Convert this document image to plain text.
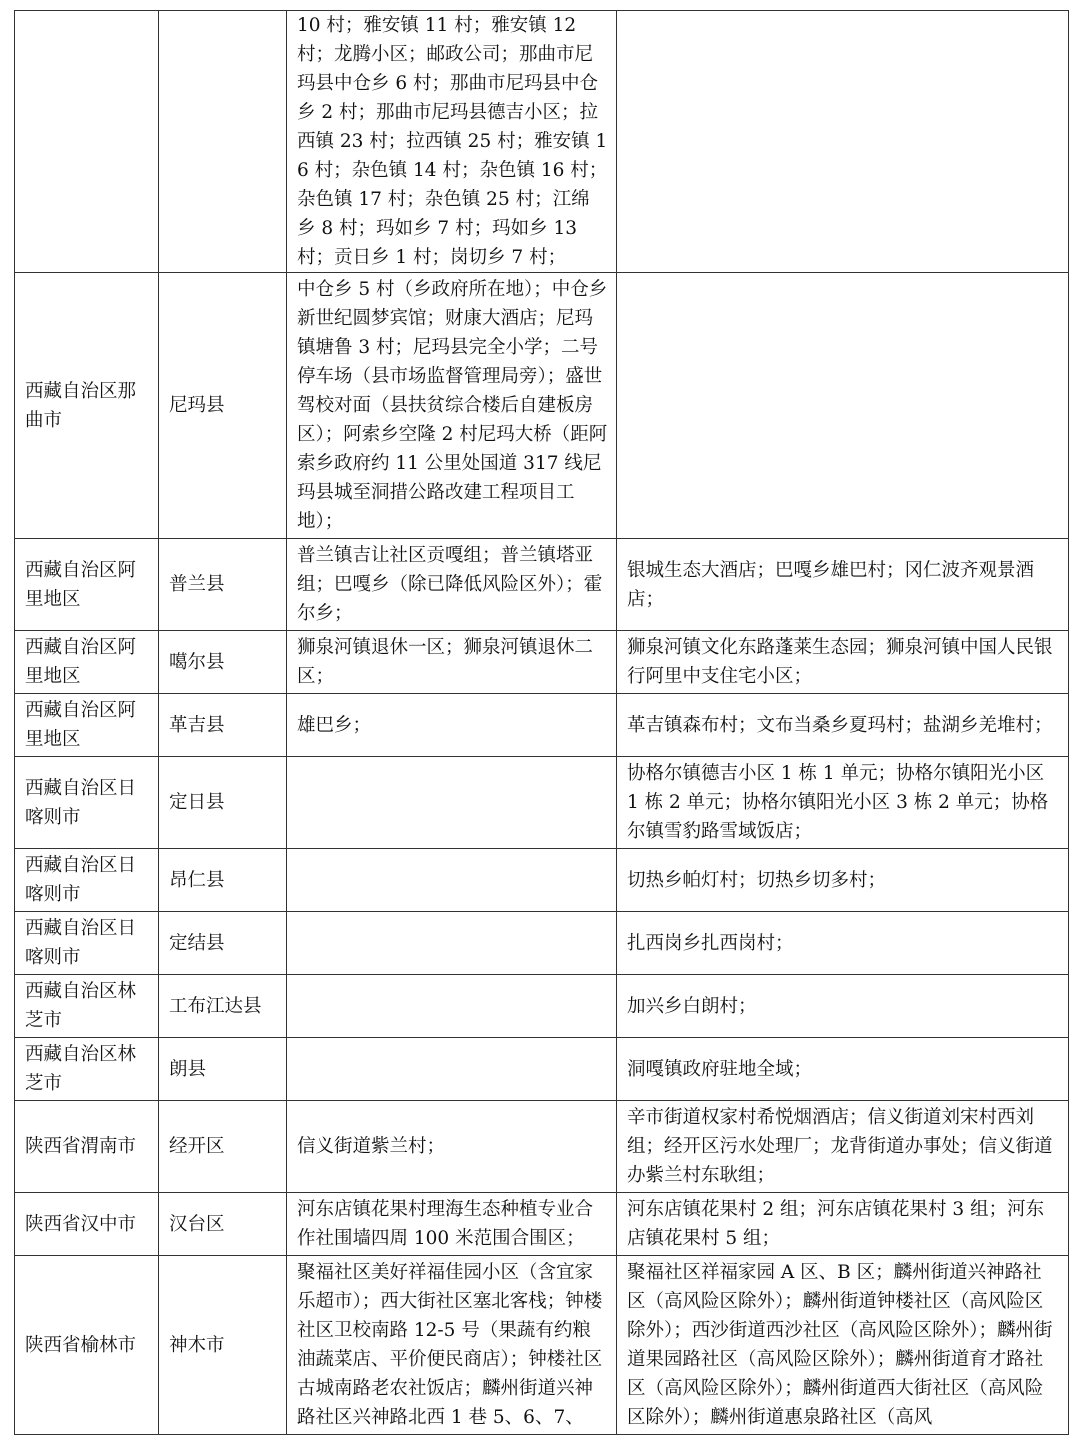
		10 村；雅安镇 11 村；雅安镇 12 村；龙腾小区；邮政公司；那曲市尼玛县中仓乡 6 村；那曲市尼玛县中仓乡 2 村；那曲市尼玛县德吉小区；拉西镇 23 村；拉西镇 25 村；雅安镇 16 村；杂色镇 14 村；杂色镇 16 村；杂色镇 17 村；杂色镇 25 村；江绵乡 8 村；玛如乡 7 村；玛如乡 13 村；贡日乡 1 村；岗切乡 7 村；	
西藏自治区那曲市	尼玛县	中仓乡 5 村（乡政府所在地）；中仓乡新世纪圆梦宾馆；财康大酒店；尼玛镇塘鲁 3 村；尼玛县完全小学；二号停车场（县市场监督管理局旁）；盛世驾校对面（县扶贫综合楼后自建板房区）；阿索乡空隆 2 村尼玛大桥（距阿索乡政府约 11 公里处国道 317 线尼玛县城至洞措公路改建工程项目工地）；	
西藏自治区阿里地区	普兰县	普兰镇吉让社区贡嘎组；普兰镇塔亚组；巴嘎乡（除已降低风险区外）；霍尔乡；	银城生态大酒店；巴嘎乡雄巴村；冈仁波齐观景酒店；
西藏自治区阿里地区	噶尔县	狮泉河镇退休一区；狮泉河镇退休二区；	狮泉河镇文化东路蓬莱生态园；狮泉河镇中国人民银行阿里中支住宅小区；
西藏自治区阿里地区	革吉县	雄巴乡；	革吉镇森布村；文布当桑乡夏玛村；盐湖乡羌堆村；
西藏自治区日喀则市	定日县		协格尔镇德吉小区 1 栋 1 单元；协格尔镇阳光小区 1 栋 2 单元；协格尔镇阳光小区 3 栋 2 单元；协格尔镇雪豹路雪域饭店；
西藏自治区日喀则市	昂仁县		切热乡帕灯村；切热乡切多村；
西藏自治区日喀则市	定结县		扎西岗乡扎西岗村；
西藏自治区林芝市	工布江达县		加兴乡白朗村；
西藏自治区林芝市	朗县		洞嘎镇政府驻地全域；
陕西省渭南市	经开区	信义街道紫兰村；	辛市街道权家村希悦烟酒店；信义街道刘宋村西刘组；经开区污水处理厂；龙背街道办事处；信义街道办紫兰村东耿组；
陕西省汉中市	汉台区	河东店镇花果村理海生态种植专业合作社围墙四周 100 米范围合围区；	河东店镇花果村 2 组；河东店镇花果村 3 组；河东店镇花果村 5 组；
陕西省榆林市	神木市	聚福社区美好祥福佳园小区（含宜家乐超市）；西大街社区塞北客栈；钟楼社区卫校南路 12-5 号（果蔬有约粮油蔬菜店、平价便民商店）；钟楼社区古城南路老农社饭店；麟州街道兴神路社区兴神路北西 1 巷 5、6、7、	聚福社区祥福家园 A 区、B 区；麟州街道兴神路社区（高风险区除外）；麟州街道钟楼社区（高风险区除外）；西沙街道西沙社区（高风险区除外）；麟州街道果园路社区（高风险区除外）；麟州街道育才路社区（高风险区除外）；麟州街道西大街社区（高风险区除外）；麟州街道惠泉路社区（高风
